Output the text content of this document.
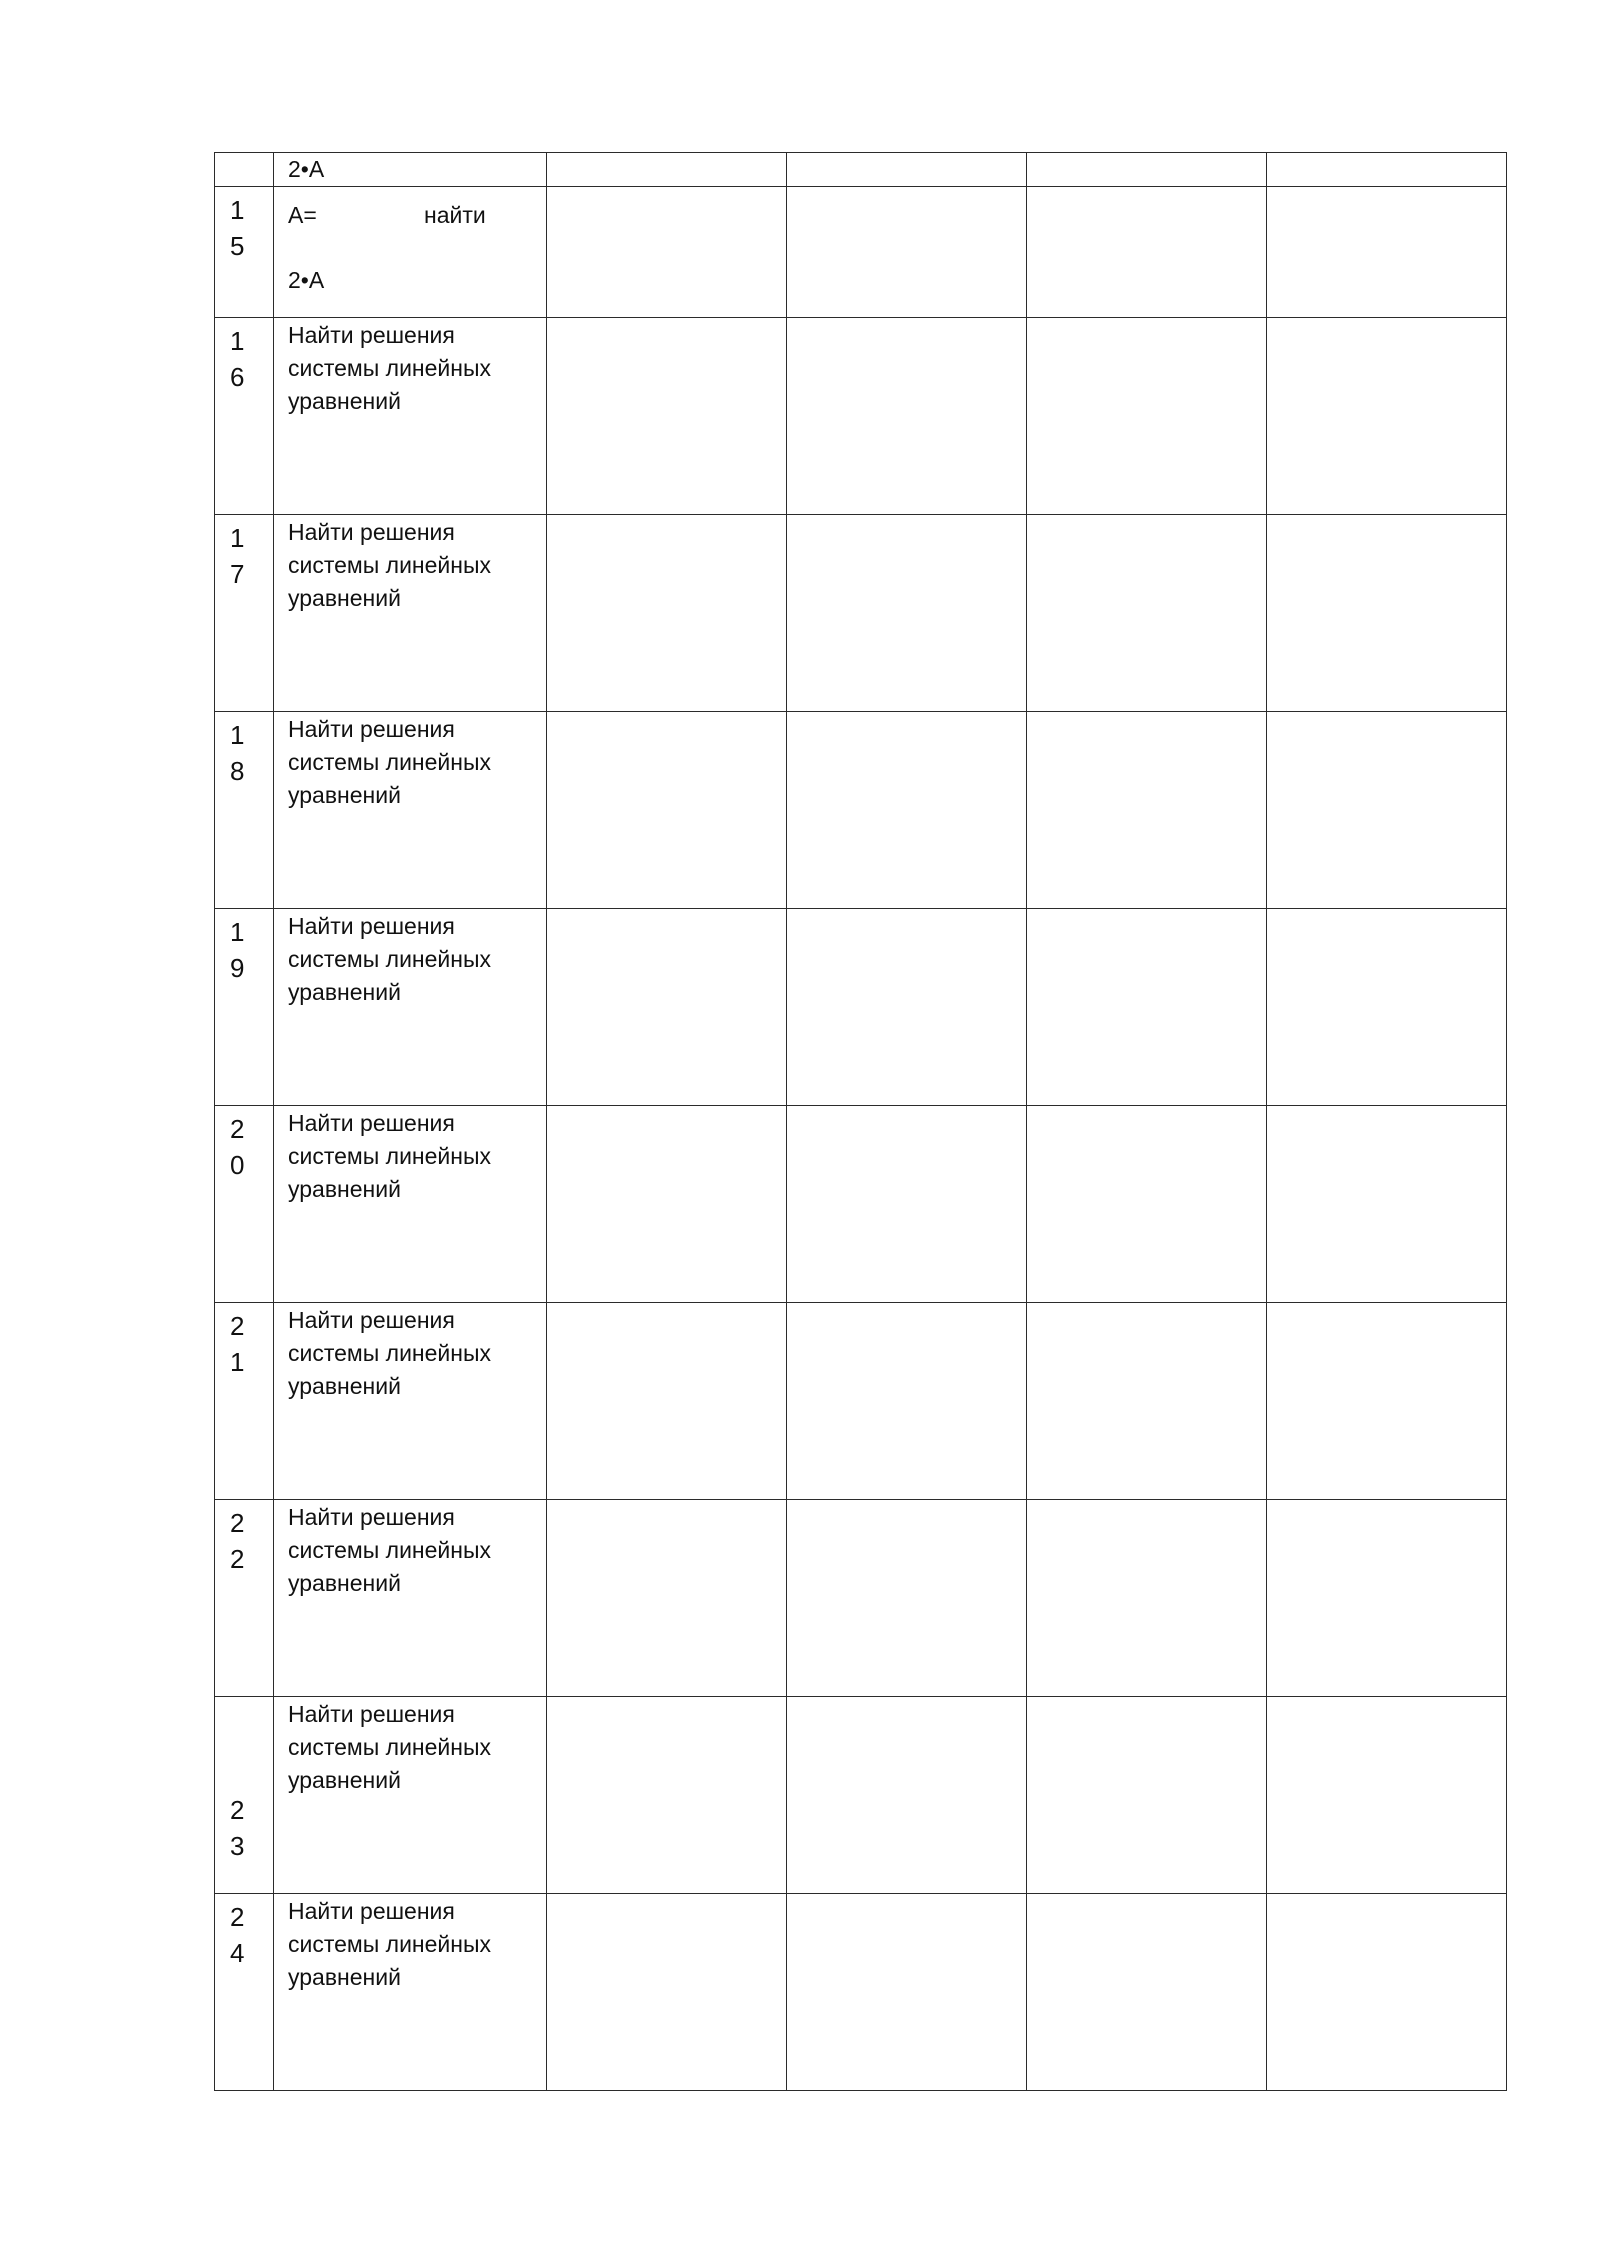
	2•A				

15	A= найти
2•A				

16	Найти решения системы линейных уравнений				

17	Найти решения системы линейных уравнений				

18	Найти решения системы линейных уравнений				

19	Найти решения системы линейных уравнений				

20	Найти решения системы линейных уравнений				

21	Найти решения системы линейных уравнений				

22	Найти решения системы линейных уравнений				

23	Найти решения системы линейных уравнений				

24	Найти решения системы линейных уравнений				
